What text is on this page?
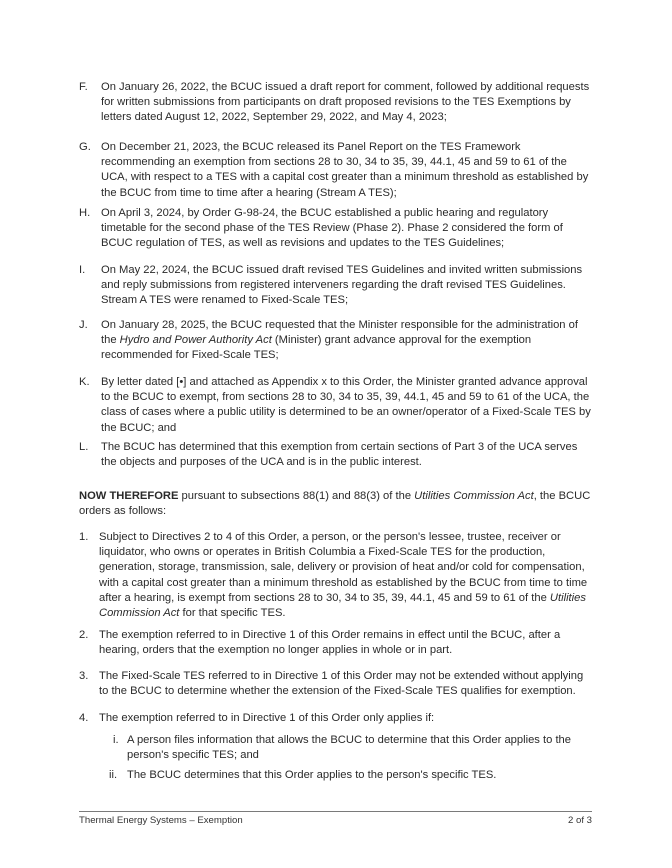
F. On January 26, 2022, the BCUC issued a draft report for comment, followed by additional requests for written submissions from participants on draft proposed revisions to the TES Exemptions by letters dated August 12, 2022, September 29, 2022, and May 4, 2023;
G. On December 21, 2023, the BCUC released its Panel Report on the TES Framework recommending an exemption from sections 28 to 30, 34 to 35, 39, 44.1, 45 and 59 to 61 of the UCA, with respect to a TES with a capital cost greater than a minimum threshold as established by the BCUC from time to time after a hearing (Stream A TES);
H. On April 3, 2024, by Order G-98-24, the BCUC established a public hearing and regulatory timetable for the second phase of the TES Review (Phase 2). Phase 2 considered the form of BCUC regulation of TES, as well as revisions and updates to the TES Guidelines;
I. On May 22, 2024, the BCUC issued draft revised TES Guidelines and invited written submissions and reply submissions from registered interveners regarding the draft revised TES Guidelines. Stream A TES were renamed to Fixed-Scale TES;
J. On January 28, 2025, the BCUC requested that the Minister responsible for the administration of the Hydro and Power Authority Act (Minister) grant advance approval for the exemption recommended for Fixed-Scale TES;
K. By letter dated [•] and attached as Appendix x to this Order, the Minister granted advance approval to the BCUC to exempt, from sections 28 to 30, 34 to 35, 39, 44.1, 45 and 59 to 61 of the UCA, the class of cases where a public utility is determined to be an owner/operator of a Fixed-Scale TES by the BCUC; and
L. The BCUC has determined that this exemption from certain sections of Part 3 of the UCA serves the objects and purposes of the UCA and is in the public interest.
NOW THEREFORE pursuant to subsections 88(1) and 88(3) of the Utilities Commission Act, the BCUC orders as follows:
1. Subject to Directives 2 to 4 of this Order, a person, or the person's lessee, trustee, receiver or liquidator, who owns or operates in British Columbia a Fixed-Scale TES for the production, generation, storage, transmission, sale, delivery or provision of heat and/or cold for compensation, with a capital cost greater than a minimum threshold as established by the BCUC from time to time after a hearing, is exempt from sections 28 to 30, 34 to 35, 39, 44.1, 45 and 59 to 61 of the Utilities Commission Act for that specific TES.
2. The exemption referred to in Directive 1 of this Order remains in effect until the BCUC, after a hearing, orders that the exemption no longer applies in whole or in part.
3. The Fixed-Scale TES referred to in Directive 1 of this Order may not be extended without applying to the BCUC to determine whether the extension of the Fixed-Scale TES qualifies for exemption.
4. The exemption referred to in Directive 1 of this Order only applies if:
i. A person files information that allows the BCUC to determine that this Order applies to the person's specific TES; and
ii. The BCUC determines that this Order applies to the person's specific TES.
Thermal Energy Systems – Exemption	2 of 3
